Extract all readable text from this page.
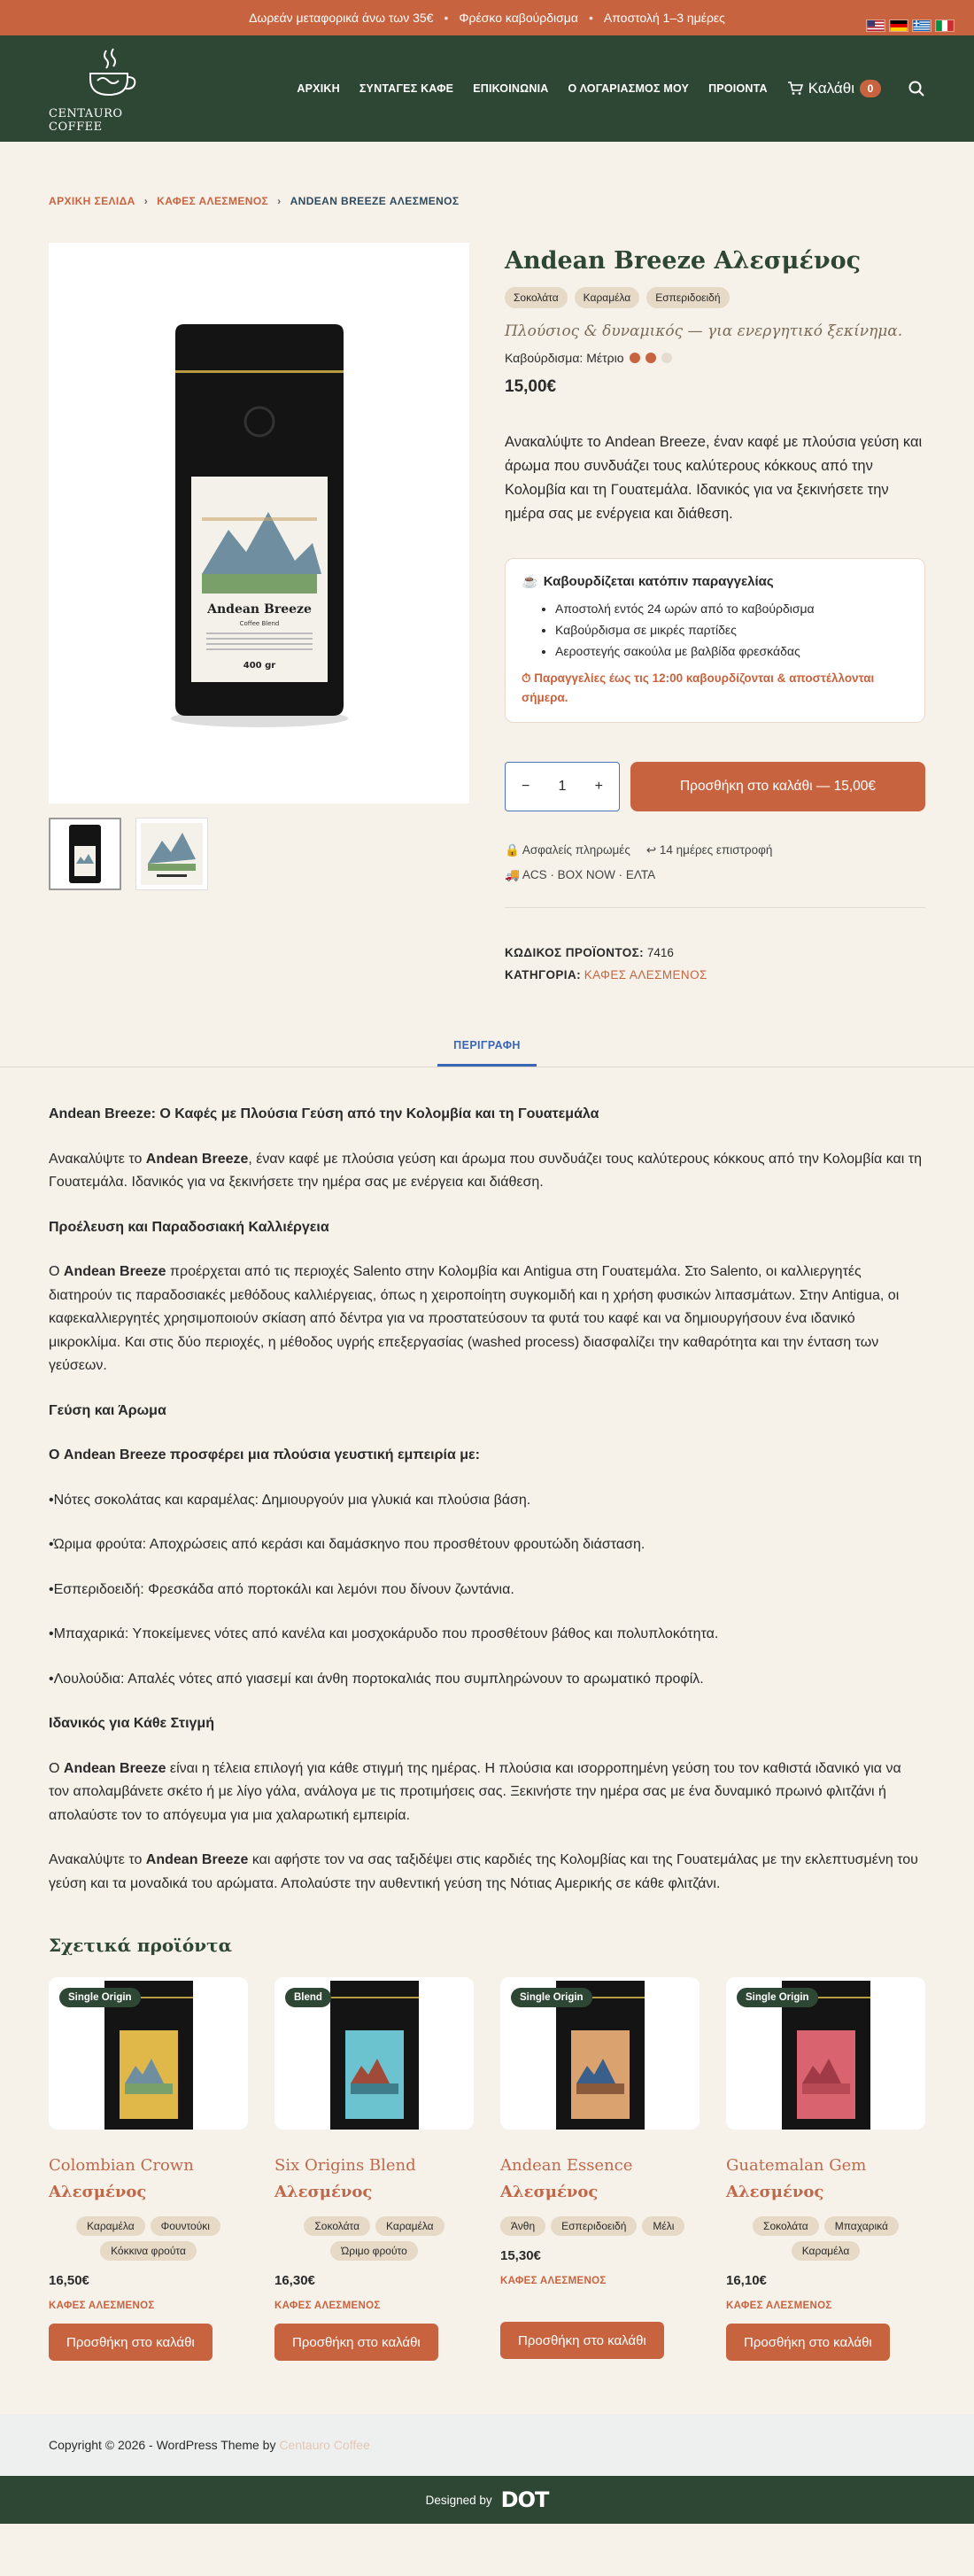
Δωρεάν μεταφορικά άνω των 35€ • Φρέσκο καβούρδισμα • Αποστολή 1–3 ημέρες
CENTAURO COFFEE
ΑΡΧΙΚΗ ΣΥΝΤΑΓΕΣ ΚΑΦΕ ΕΠΙΚΟΙΝΩΝΙΑ Ο ΛΟΓΑΡΙΑΣΜΟΣ ΜΟΥ ΠΡΟΙΟΝΤΑ	Καλάθι	0
ΑΡΧΙΚΗ ΣΕΛΙΔΑ › ΚΑΦΕΣ ΑΛΕΣΜΕΝΟΣ › ANDEAN BREEZE ΑΛΕΣΜΕΝΟΣ
Andean Breeze
Coffee Blend
400 gr
Andean Breeze Αλεσμένος
Σοκολάτα	Καραμέλα	Εσπεριδοειδή
Πλούσιος & δυναμικός — για ενεργητικό ξεκίνημα.
Καβούρδισμα: Μέτριο
15,00€

Ανακαλύψτε το Andean Breeze, έναν καφέ με πλούσια γεύση και άρωμα που συνδυάζει τους καλύτερους κόκκους από την Κολομβία και τη Γουατεμάλα. Ιδανικός για να ξεκινήσετε την ημέρα σας με ενέργεια και διάθεση.

☕ Καβουρδίζεται κατόπιν παραγγελίας
• Αποστολή εντός 24 ωρών από το καβούρδισμα
• Καβούρδισμα σε μικρές παρτίδες
• Αεροστεγής σακούλα με βαλβίδα φρεσκάδας
⏱ Παραγγελίες έως τις 12:00 καβουρδίζονται & αποστέλλονται σήμερα.
− 1 +	Προσθήκη στο καλάθι — 15,00€
🔒 Ασφαλείς πληρωμές ↩ 14 ημέρες επιστροφή
🚚 ACS · BOX NOW · ΕΛΤΑ
ΚΩΔΙΚΟΣ ΠΡΟΪΟΝΤΟΣ: 7416
ΚΑΤΗΓΟΡΙΑ: ΚΑΦΕΣ ΑΛΕΣΜΕΝΟΣ
ΠΕΡΙΓΡΑΦΗ

Andean Breeze: Ο Καφές με Πλούσια Γεύση από την Κολομβία και τη Γουατεμάλα

Ανακαλύψτε το Andean Breeze, έναν καφέ με πλούσια γεύση και άρωμα που συνδυάζει τους καλύτερους κόκκους από την Κολομβία και τη Γουατεμάλα. Ιδανικός για να ξεκινήσετε την ημέρα σας με ενέργεια και διάθεση.

Προέλευση και Παραδοσιακή Καλλιέργεια

Ο Andean Breeze προέρχεται από τις περιοχές Salento στην Κολομβία και Antigua στη Γουατεμάλα. Στο Salento, οι καλλιεργητές διατηρούν τις παραδοσιακές μεθόδους καλλιέργειας, όπως η χειροποίητη συγκομιδή και η χρήση φυσικών λιπασμάτων. Στην Antigua, οι καφεκαλλιεργητές χρησιμοποιούν σκίαση από δέντρα για να προστατεύσουν τα φυτά του καφέ και να δημιουργήσουν ένα ιδανικό μικροκλίμα. Και στις δύο περιοχές, η μέθοδος υγρής επεξεργασίας (washed process) διασφαλίζει την καθαρότητα και την ένταση των γεύσεων.

Γεύση και Άρωμα

Ο Andean Breeze προσφέρει μια πλούσια γευστική εμπειρία με:

•Νότες σοκολάτας και καραμέλας: Δημιουργούν μια γλυκιά και πλούσια βάση.

•Ώριμα φρούτα: Αποχρώσεις από κεράσι και δαμάσκηνο που προσθέτουν φρουτώδη διάσταση.

•Εσπεριδοειδή: Φρεσκάδα από πορτοκάλι και λεμόνι που δίνουν ζωντάνια.

•Μπαχαρικά: Υποκείμενες νότες από κανέλα και μοσχοκάρυδο που προσθέτουν βάθος και πολυπλοκότητα.

•Λουλούδια: Απαλές νότες από γιασεμί και άνθη πορτοκαλιάς που συμπληρώνουν το αρωματικό προφίλ.

Ιδανικός για Κάθε Στιγμή

Ο Andean Breeze είναι η τέλεια επιλογή για κάθε στιγμή της ημέρας. Η πλούσια και ισορροπημένη γεύση του τον καθιστά ιδανικό για να τον απολαμβάνετε σκέτο ή με λίγο γάλα, ανάλογα με τις προτιμήσεις σας. Ξεκινήστε την ημέρα σας με ένα δυναμικό πρωινό φλιτζάνι ή απολαύστε τον το απόγευμα για μια χαλαρωτική εμπειρία.

Ανακαλύψτε το Andean Breeze και αφήστε τον να σας ταξιδέψει στις καρδιές της Κολομβίας και της Γουατεμάλας με την εκλεπτυσμένη του γεύση και τα μοναδικά του αρώματα. Απολαύστε την αυθεντική γεύση της Νότιας Αμερικής σε κάθε φλιτζάνι.

Σχετικά προϊόντα
Single Origin
Colombian Crown
Αλεσμένος
Καραμέλα	Φουντούκι
Κόκκινα φρούτα
16,50€
ΚΑΦΕΣ ΑΛΕΣΜΕΝΟΣ
Προσθήκη στο καλάθι
Blend
Six Origins Blend
Αλεσμένος
Σοκολάτα	Καραμέλα
Ώριμο φρούτο
16,30€
ΚΑΦΕΣ ΑΛΕΣΜΕΝΟΣ
Προσθήκη στο καλάθι
Single Origin
Andean Essence Αλεσμένος
Άνθη	Εσπεριδοειδή	Μέλι
15,30€
ΚΑΦΕΣ ΑΛΕΣΜΕΝΟΣ
Προσθήκη στο καλάθι
Single Origin
Guatemalan Gem
Αλεσμένος
Σοκολάτα	Μπαχαρικά
Καραμέλα
16,10€
ΚΑΦΕΣ ΑΛΕΣΜΕΝΟΣ
Προσθήκη στο καλάθι
Copyright © 2026 - WordPress Theme by
Centauro Coffee
Designed by DOT
